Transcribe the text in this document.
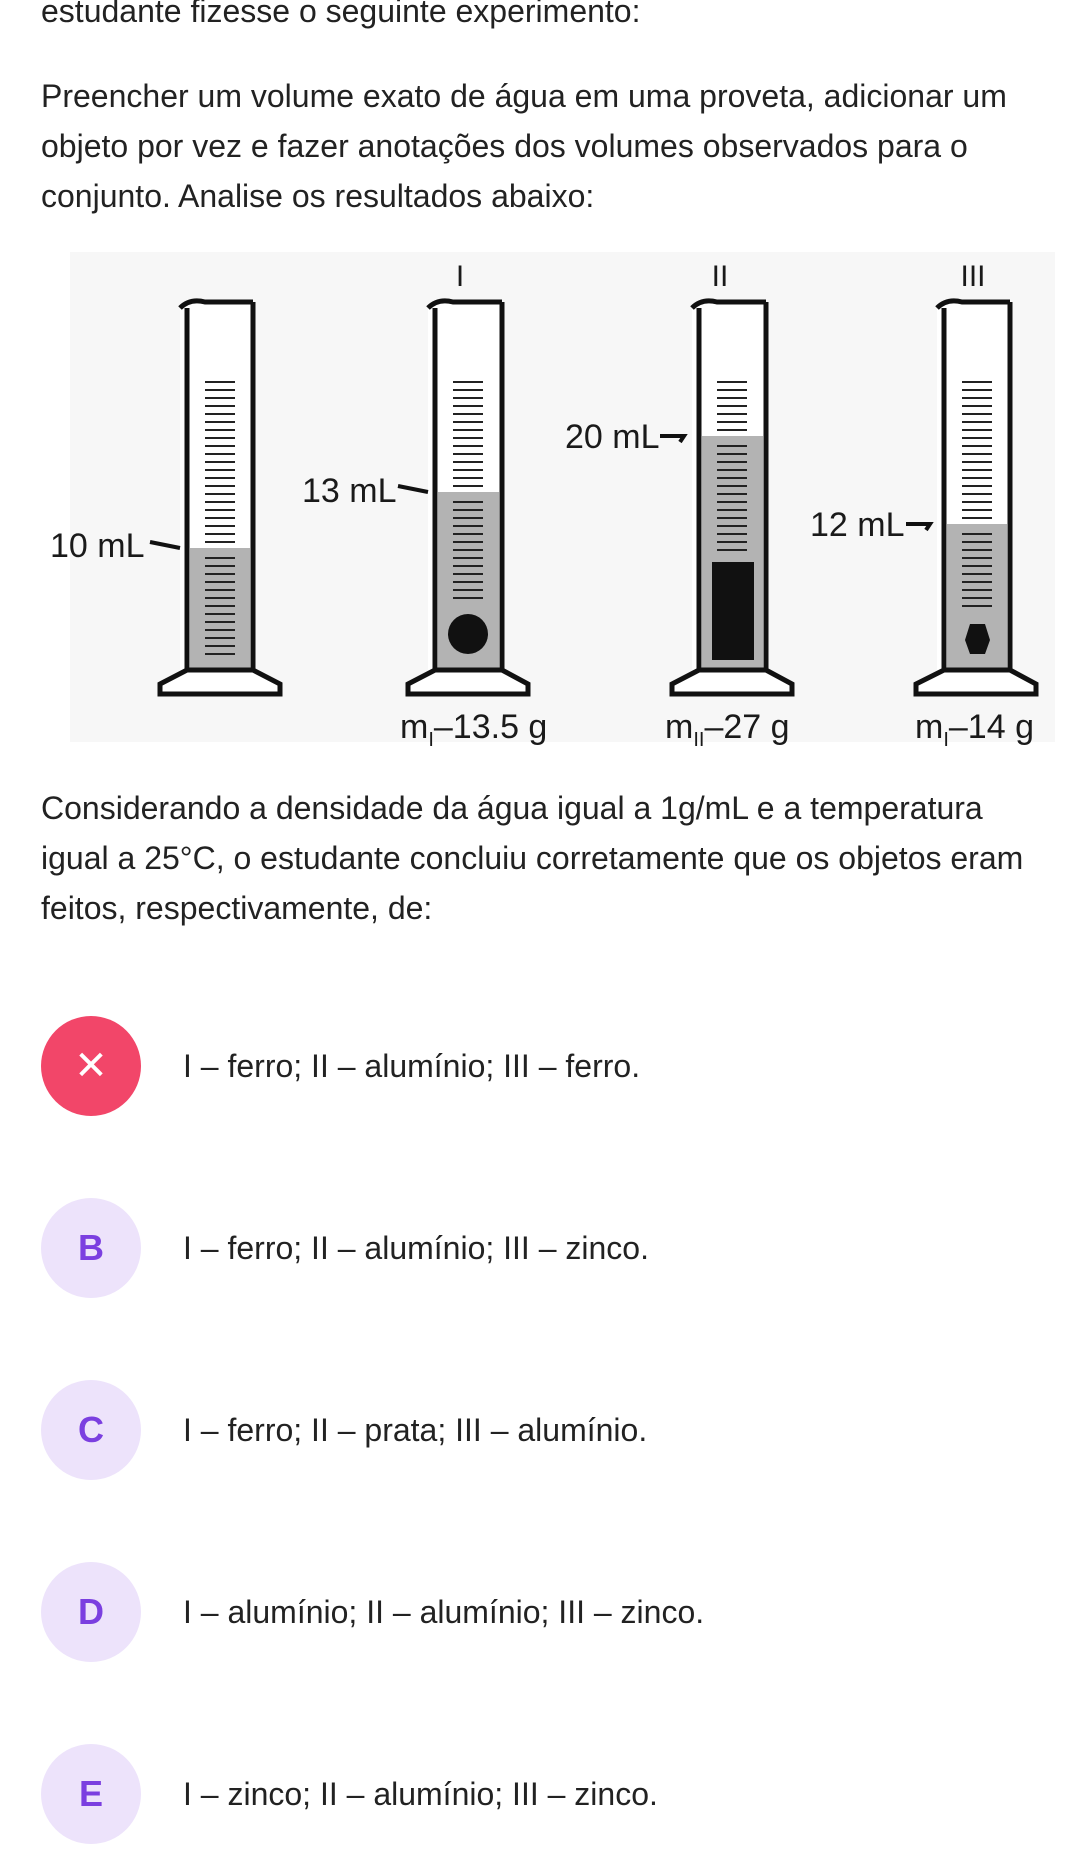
estudante fizesse o seguinte experimento:

Preencher um volume exato de água em uma proveta, adicionar um objeto por vez e fazer anotações dos volumes observados para o conjunto. Analise os resultados abaixo:

10 mL
I
13 mL
$m_I-13.5$ g
II
20 mL
$m_{II}-27$ g
III
12 mL
$m_I-14$ g

Considerando a densidade da água igual a 1g/mL e a temperatura igual a 25°C, o estudante concluiu corretamente que os objetos eram feitos, respectivamente, de:

✕	I – ferro; II – alumínio; III – ferro.
B	I – ferro; II – alumínio; III – zinco.
C	I – ferro; II – prata; III – alumínio.
D	I – alumínio; II – alumínio; III – zinco.
E	I – zinco; II – alumínio; III – zinco.
